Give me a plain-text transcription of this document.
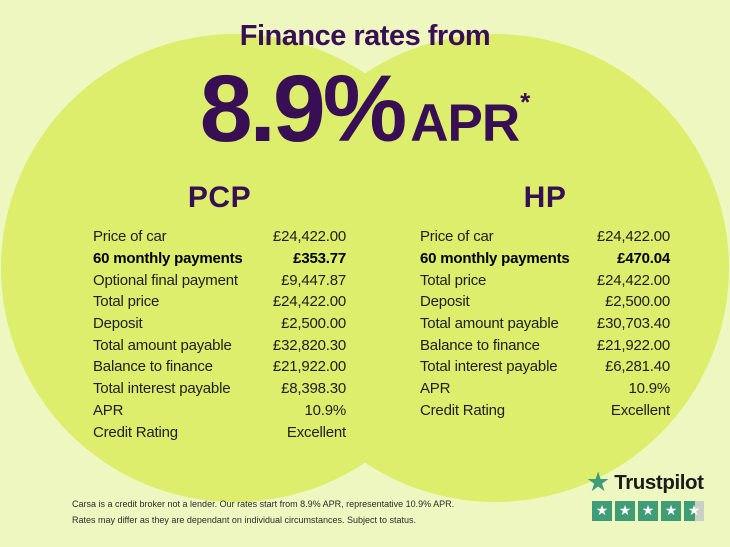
Finance rates from
8.9% APR *
PCP
Price of car	£24,422.00
60 monthly payments	£353.77
Optional final payment	£9,447.87
Total price	£24,422.00
Deposit	£2,500.00
Total amount payable	£32,820.30
Balance to finance	£21,922.00
Total interest payable	£8,398.30
APR	10.9%
Credit Rating	Excellent
HP
Price of car	£24,422.00
60 monthly payments	£470.04
Total price	£24,422.00
Deposit	£2,500.00
Total amount payable	£30,703.40
Balance to finance	£21,922.00
Total interest payable	£6,281.40
APR	10.9%
Credit Rating	Excellent
Carsa is a credit broker not a lender. Our rates start from 8.9% APR, representative 10.9% APR.
Rates may differ as they are dependant on individual circumstances. Subject to status.
★ Trustpilot
★ ★ ★ ★ ★
